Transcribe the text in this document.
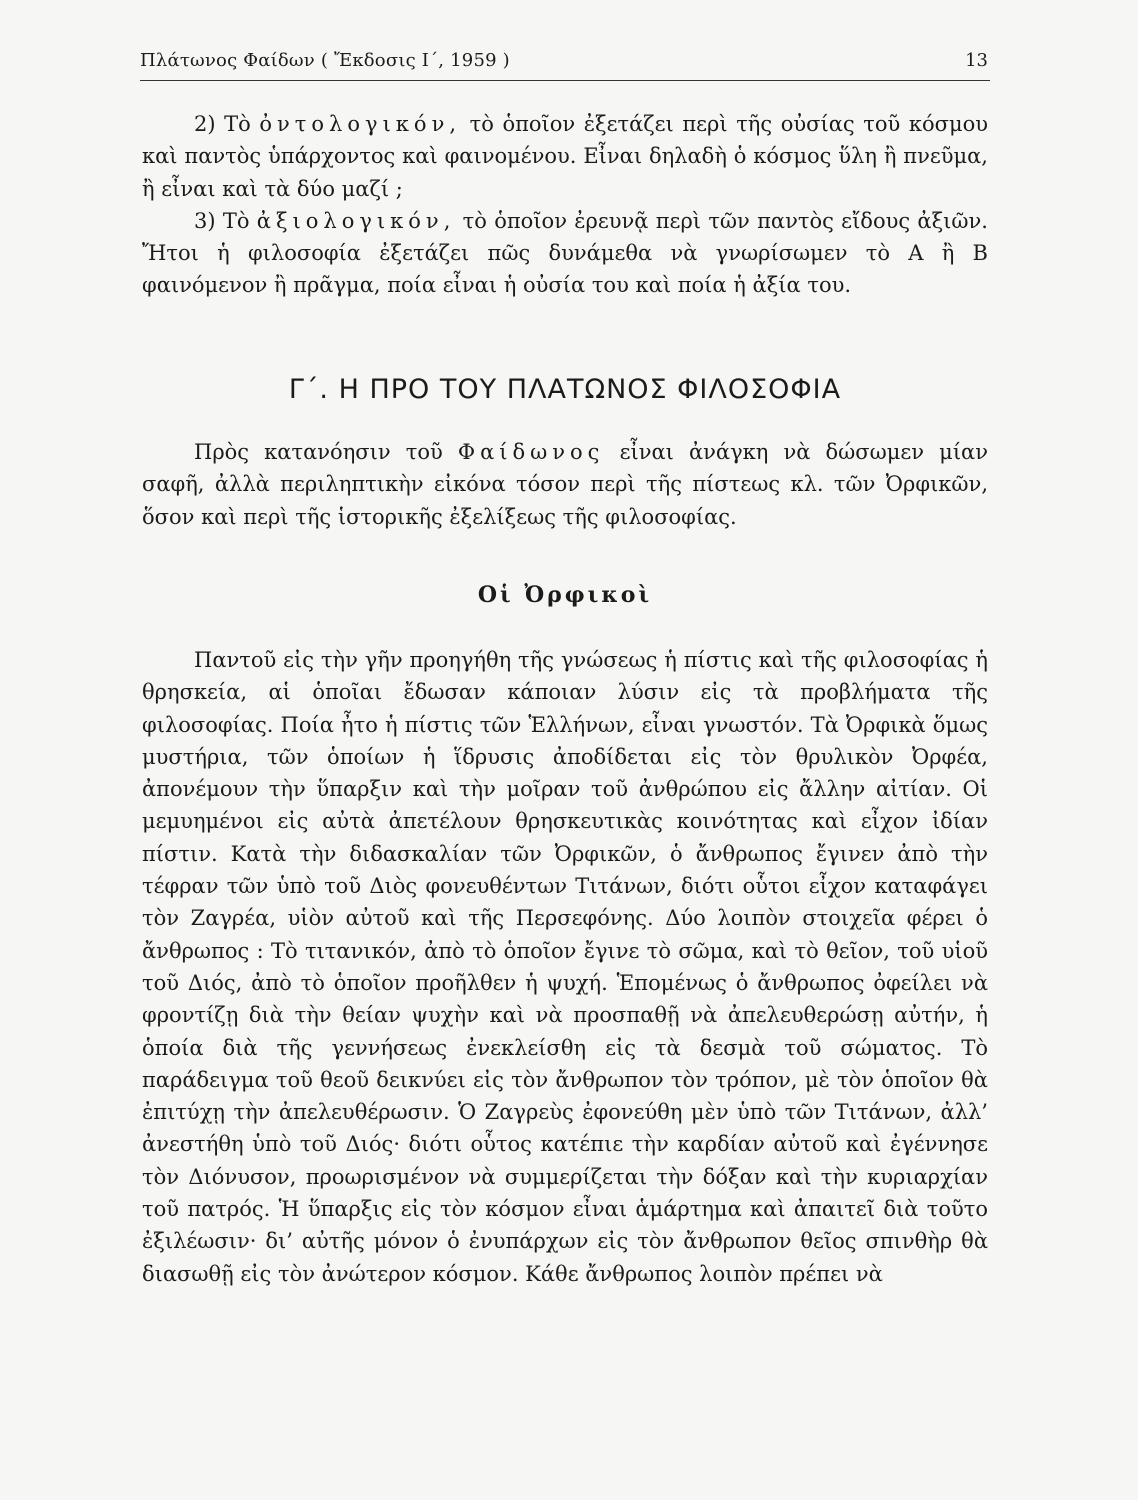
Πλάτωνος Φαίδων ( Ἔκδοσις Ι΄, 1959 )	13

2) Τὸ ὀντολογικόν, τὸ ὁποῖον ἐξετάζει περὶ τῆς οὐσίας τοῦ κόσμου καὶ παντὸς ὑπάρχοντος καὶ φαινομένου. Εἶναι δηλαδὴ ὁ κόσμος ὕλη ἢ πνεῦμα, ἢ εἶναι καὶ τὰ δύο μαζί ;

3) Τὸ ἀξιολογικόν, τὸ ὁποῖον ἐρευνᾷ περὶ τῶν παντὸς εἴδους ἀξιῶν. Ἤτοι ἡ φιλοσοφία ἐξετάζει πῶς δυνάμεθα νὰ γνωρίσωμεν τὸ Α ἢ Β φαινόμενον ἢ πρᾶγμα, ποία εἶναι ἡ οὐσία του καὶ ποία ἡ ἀξία του.

Γ΄. Η ΠΡΟ ΤΟΥ ΠΛΑΤΩΝΟΣ ΦΙΛΟΣΟΦΙΑ

Πρὸς κατανόησιν τοῦ Φαίδωνος εἶναι ἀνάγκη νὰ δώσωμεν μίαν σαφῆ, ἀλλὰ περιληπτικὴν εἰκόνα τόσον περὶ τῆς πίστεως κλ. τῶν Ὀρφικῶν, ὅσον καὶ περὶ τῆς ἱστορικῆς ἐξελίξεως τῆς φιλοσοφίας.

Οἱ Ὀρφικοὶ

Παντοῦ εἰς τὴν γῆν προηγήθη τῆς γνώσεως ἡ πίστις καὶ τῆς φιλοσοφίας ἡ θρησκεία, αἱ ὁποῖαι ἔδωσαν κάποιαν λύσιν εἰς τὰ προβλήματα τῆς φιλοσοφίας. Ποία ἦτο ἡ πίστις τῶν Ἑλλήνων, εἶναι γνωστόν. Τὰ Ὀρφικὰ ὅμως μυστήρια, τῶν ὁποίων ἡ ἵδρυσις ἀποδίδεται εἰς τὸν θρυλικὸν Ὀρφέα, ἀπονέμουν τὴν ὕπαρξιν καὶ τὴν μοῖραν τοῦ ἀνθρώπου εἰς ἄλλην αἰτίαν. Οἱ μεμυημένοι εἰς αὐτὰ ἀπετέλουν θρησκευτικὰς κοινότητας καὶ εἶχον ἰδίαν πίστιν. Κατὰ τὴν διδασκαλίαν τῶν Ὀρφικῶν, ὁ ἄνθρωπος ἔγινεν ἀπὸ τὴν τέφραν τῶν ὑπὸ τοῦ Διὸς φονευθέντων Τιτάνων, διότι οὗτοι εἶχον καταφάγει τὸν Ζαγρέα, υἱὸν αὐτοῦ καὶ τῆς Περσεφόνης. Δύο λοιπὸν στοιχεῖα φέρει ὁ ἄνθρωπος : Τὸ τιτανικόν, ἀπὸ τὸ ὁποῖον ἔγινε τὸ σῶμα, καὶ τὸ θεῖον, τοῦ υἱοῦ τοῦ Διός, ἀπὸ τὸ ὁποῖον προῆλθεν ἡ ψυχή. Ἑπομένως ὁ ἄνθρωπος ὀφείλει νὰ φροντίζῃ διὰ τὴν θείαν ψυχὴν καὶ νὰ προσπαθῇ νὰ ἀπελευθερώσῃ αὐτήν, ἡ ὁποία διὰ τῆς γεννήσεως ἐνεκλείσθη εἰς τὰ δεσμὰ τοῦ σώματος. Τὸ παράδειγμα τοῦ θεοῦ δεικνύει εἰς τὸν ἄνθρωπον τὸν τρόπον, μὲ τὸν ὁποῖον θὰ ἐπιτύχῃ τὴν ἀπελευθέρωσιν. Ὁ Ζαγρεὺς ἐφονεύθη μὲν ὑπὸ τῶν Τιτάνων, ἀλλ’ ἀνεστήθη ὑπὸ τοῦ Διός· διότι οὗτος κατέπιε τὴν καρδίαν αὐτοῦ καὶ ἐγέννησε τὸν Διόνυσον, προωρισμένον νὰ συμμερίζεται τὴν δόξαν καὶ τὴν κυριαρχίαν τοῦ πατρός. Ἡ ὕπαρξις εἰς τὸν κόσμον εἶναι ἁμάρτημα καὶ ἀπαιτεῖ διὰ τοῦτο ἐξιλέωσιν· δι’ αὐτῆς μόνον ὁ ἐνυπάρχων εἰς τὸν ἄνθρωπον θεῖος σπινθὴρ θὰ διασωθῇ εἰς τὸν ἀνώτερον κόσμον. Κάθε ἄνθρωπος λοιπὸν πρέπει νὰ
